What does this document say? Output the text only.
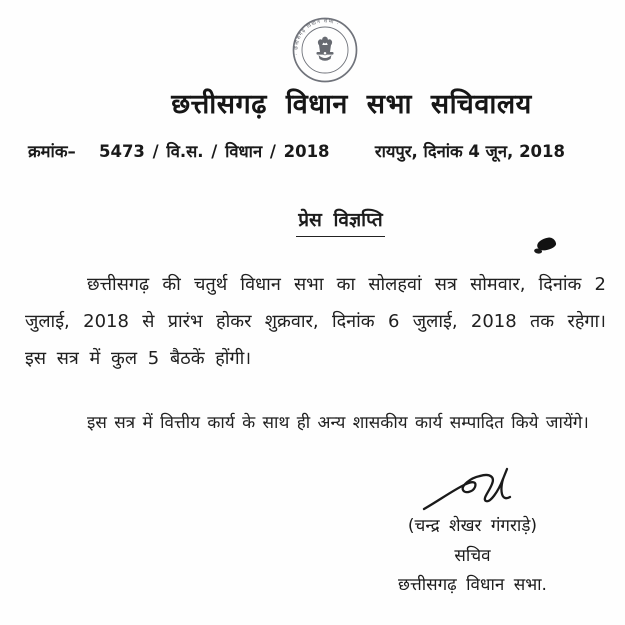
· छत्तीसगढ़ विधान सभा ·
छत्तीसगढ़ विधान सभा सचिवालय
क्रमांक– 5473 / वि.स. / विधान / 2018	रायपुर, दिनांक 4 जून, 2018
प्रेस विज्ञप्ति
छत्तीसगढ़ की चतुर्थ विधान सभा का सोलहवां सत्र सोमवार, दिनांक 2 जुलाई, 2018 से प्रारंभ होकर शुक्रवार, दिनांक 6 जुलाई, 2018 तक रहेगा। इस सत्र में कुल 5 बैठकें होंगी।
इस सत्र में वित्तीय कार्य के साथ ही अन्य शासकीय कार्य सम्पादित किये जायेंगे।
(चन्द्र शेखर गंगराड़े)
सचिव
छत्तीसगढ़ विधान सभा.
